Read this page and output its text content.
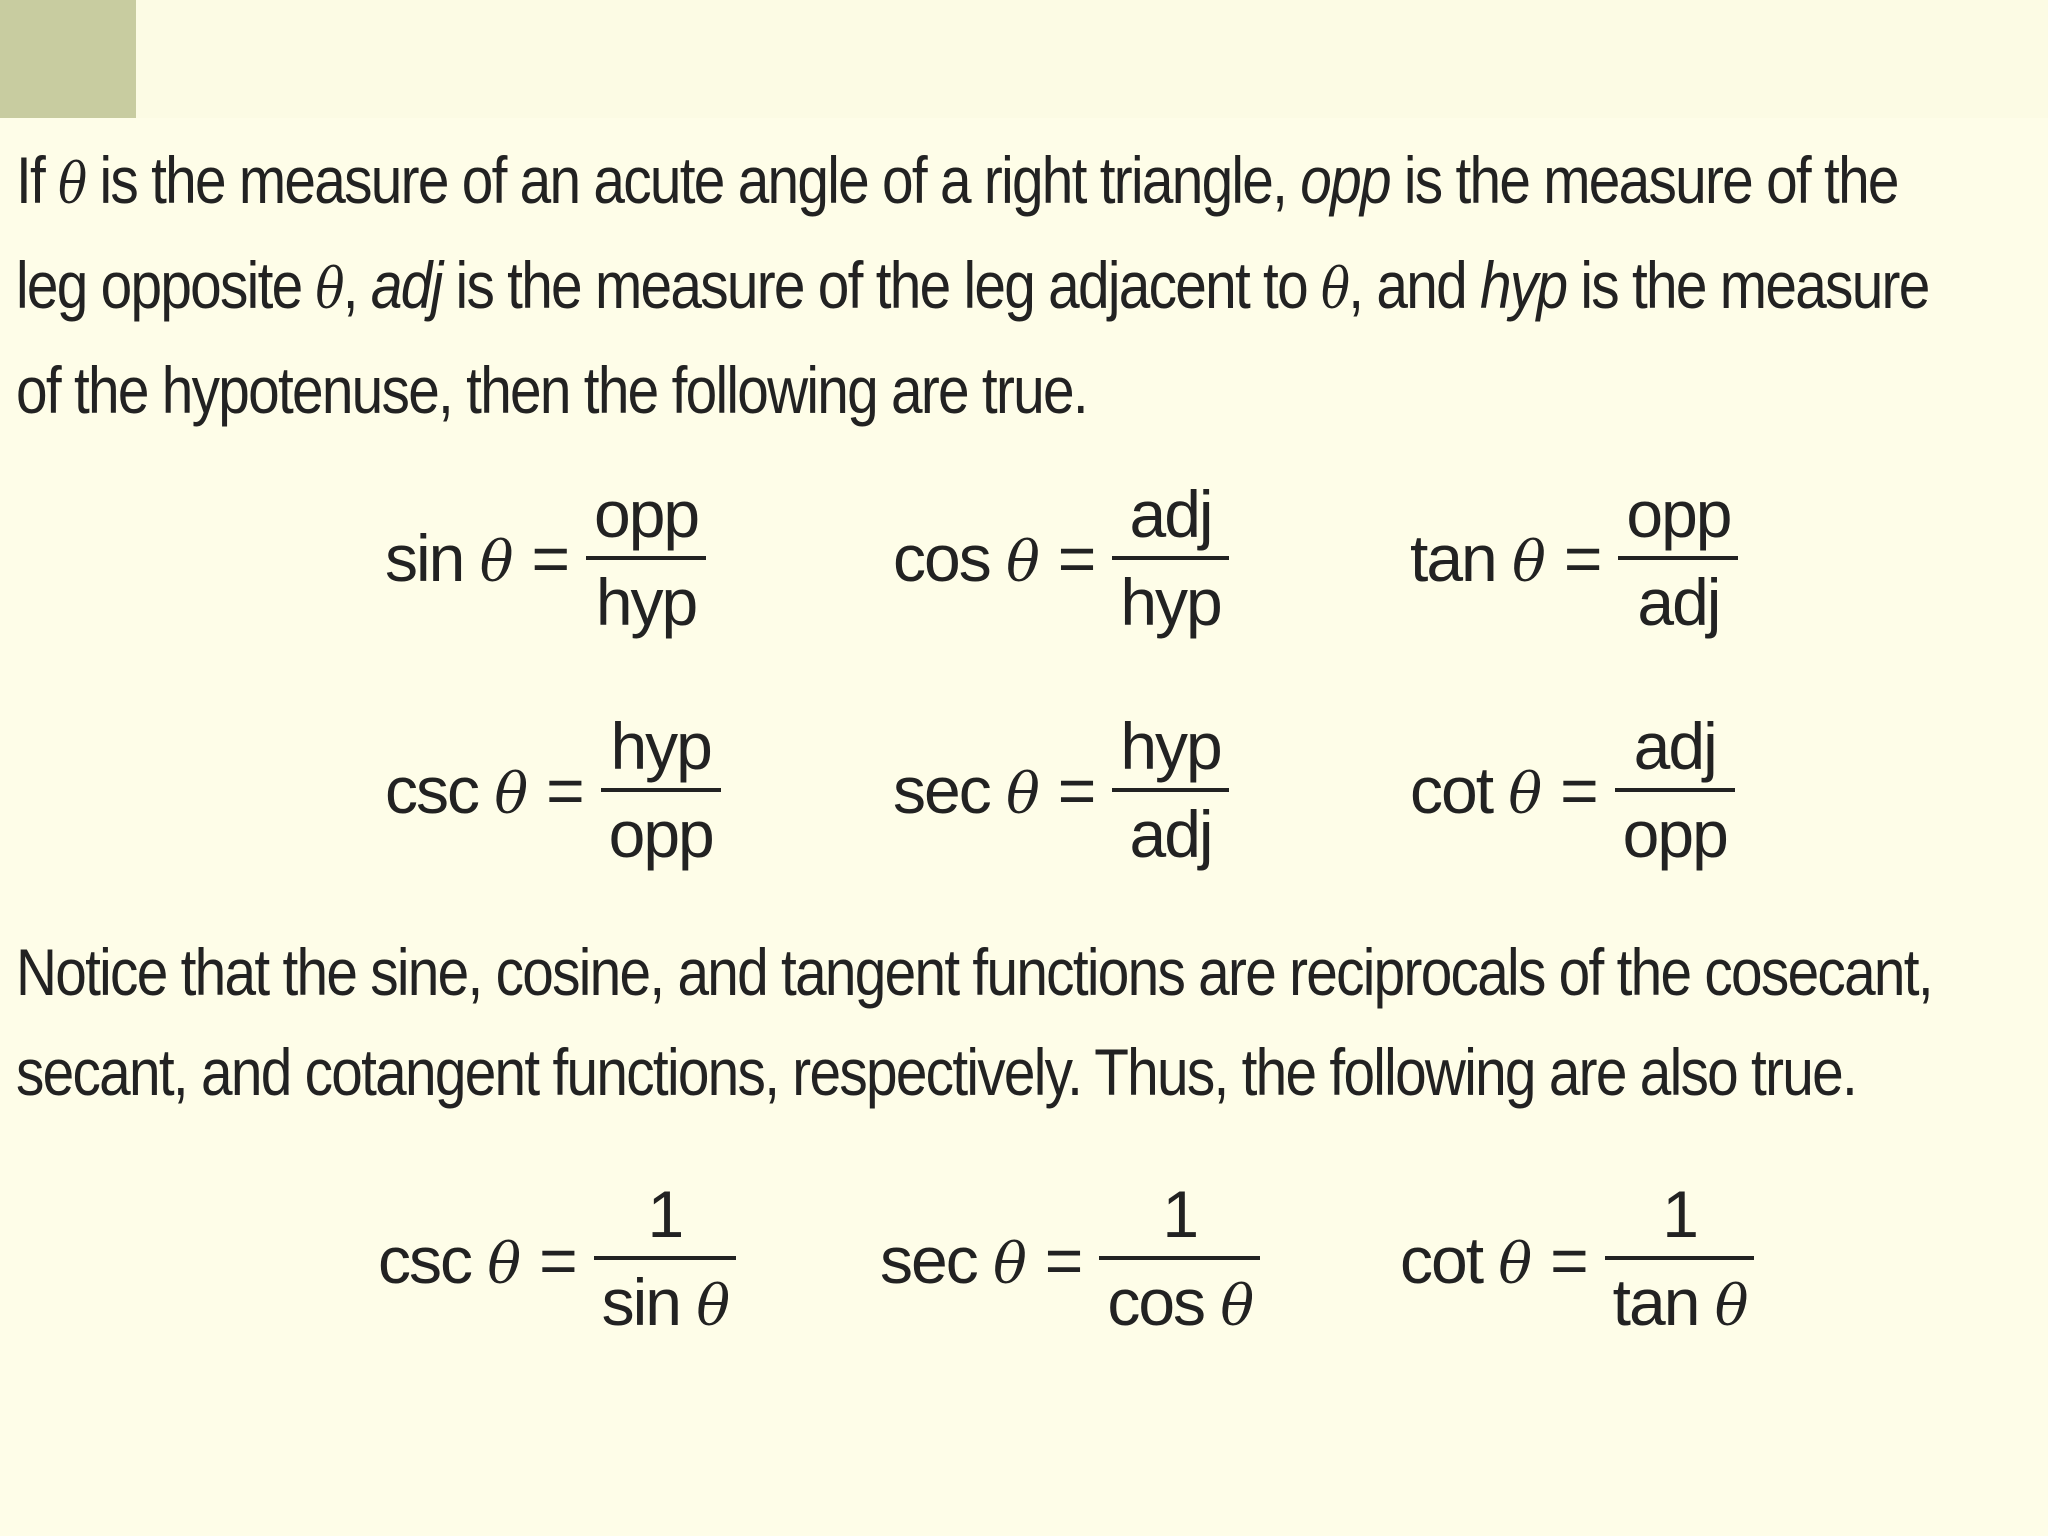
If θ is the measure of an acute angle of a right triangle, opp is the measure of the
leg opposite θ, adj is the measure of the leg adjacent to θ, and hyp is the measure
of the hypotenuse, then the following are true.
$\sin \theta = \frac{\text{opp}}{\text{hyp}}$	$\cos \theta = \frac{\text{adj}}{\text{hyp}}$	$\tan \theta = \frac{\text{opp}}{\text{adj}}$
$\csc \theta = \frac{\text{hyp}}{\text{opp}}$	$\sec \theta = \frac{\text{hyp}}{\text{adj}}$	$\cot \theta = \frac{\text{adj}}{\text{opp}}$
Notice that the sine, cosine, and tangent functions are reciprocals of the cosecant,
secant, and cotangent functions, respectively. Thus, the following are also true.
$\csc \theta = \frac{1}{\text{sin θ}}$ $\sec \theta = \frac{1}{\text{cos θ}}$ $\cot \theta = \frac{1}{\text{tan θ}}$
